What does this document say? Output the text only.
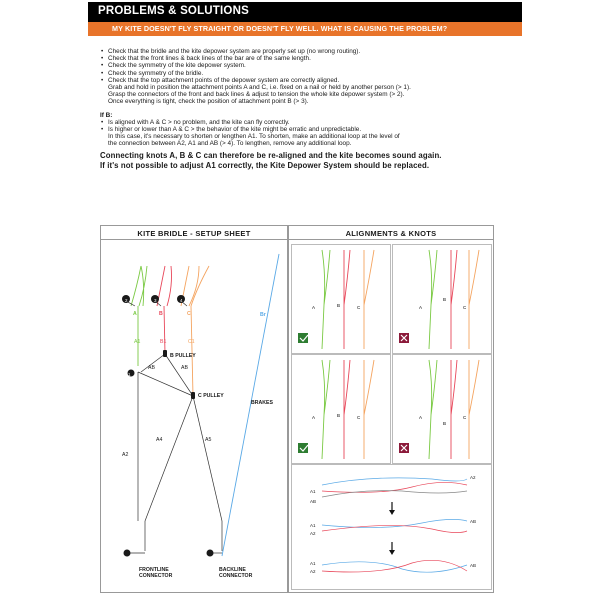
PROBLEMS & SOLUTIONS
MY KITE DOESN'T FLY STRAIGHT OR DOESN'T FLY WELL. WHAT IS CAUSING THE PROBLEM?
• Check that the bridle and the kite depower system are properly set up (no wrong routing).
• Check that the front lines & back lines of the bar are of the same length.
• Check the symmetry of the kite depower system.
• Check the symmetry of the bridle.
• Check that the top attachment points of the depower system are correctly aligned.
Grab and hold in position the attachment points A and C, i.e. fixed on a nail or held by another person (> 1).
Grasp the connectors of the front and back lines & adjust to tension the whole kite depower system (> 2).
Once everything is tight, check the position of attachment point B (> 3).
If B:
• Is aligned with A & C > no problem, and the kite can fly correctly.
• Is higher or lower than A & C > the behavior of the kite might be erratic and unpredictable.
In this case, it's necessary to shorten or lengthen A1. To shorten, make an additional loop at the level of
the connection between A2, A1 and AB (> 4). To lengthen, remove any additional loop.
Connecting knots A, B & C can therefore be re-aligned and the kite becomes sound again.
If it's not possible to adjust A1 correctly, the Kite Depower System should be replaced.
KITE BRIDLE - SETUP SHEET
A	B	C	Br
A1	B1	C1
AB	AB
B PULLEY
C PULLEY
BRAKES
A2
A4	A5
1
2	3	4
FRONTLINE CONNECTOR
BACKLINE CONNECTOR
ALIGNMENTS & KNOTS
A	B	C	A
B
C
A	B	C	A
B
C
A1
AB
A1
A2
A1
A2
A2
AB
AB
